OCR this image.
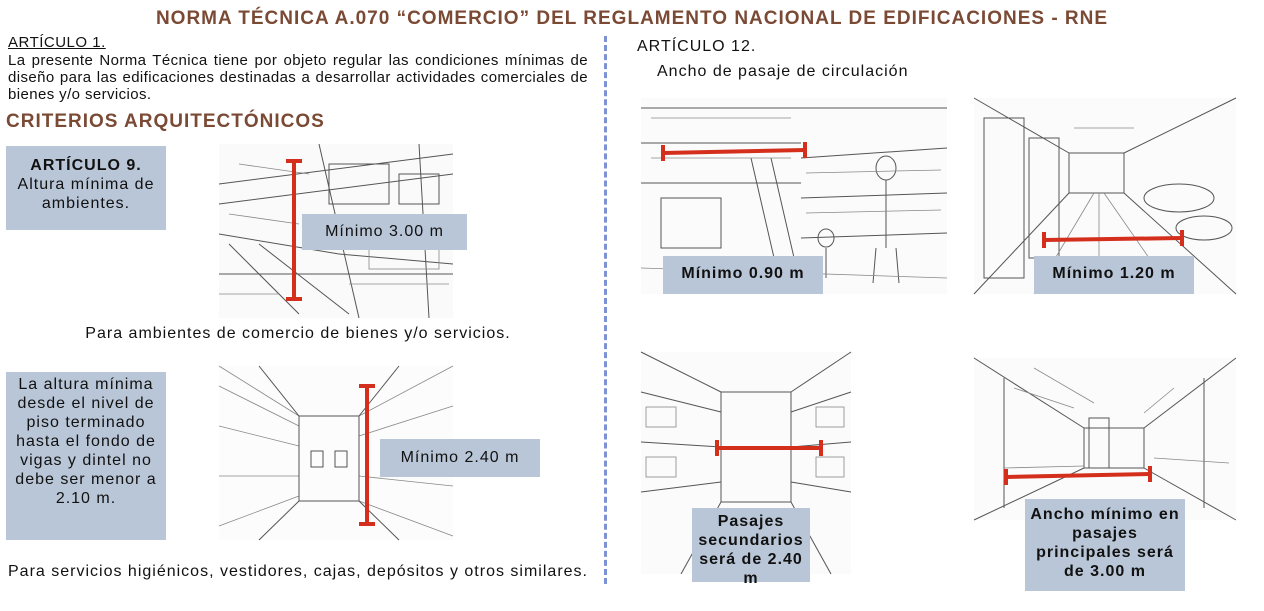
NORMA TÉCNICA A.070 “COMERCIO” DEL REGLAMENTO NACIONAL DE EDIFICACIONES - RNE
ARTÍCULO 1.
La presente Norma Técnica tiene por objeto regular las condiciones mínimas de diseño para las edificaciones destinadas a desarrollar actividades comerciales de bienes y/o servicios.
CRITERIOS ARQUITECTÓNICOS
ARTÍCULO 9.
Altura mínima de ambientes.
Mínimo 3.00 m
Para ambientes de comercio de bienes y/o servicios.
La altura mínima desde el nivel de piso terminado hasta el fondo de vigas y dintel no debe ser menor a 2.10 m.
Mínimo 2.40 m
Para servicios higiénicos, vestidores, cajas, depósitos y otros similares.
ARTÍCULO 12.
Ancho de pasaje de circulación
Mínimo 0.90 m	Mínimo 1.20 m
Pasajes secundarios será de 2.40 m
Ancho mínimo en pasajes principales será de 3.00 m
